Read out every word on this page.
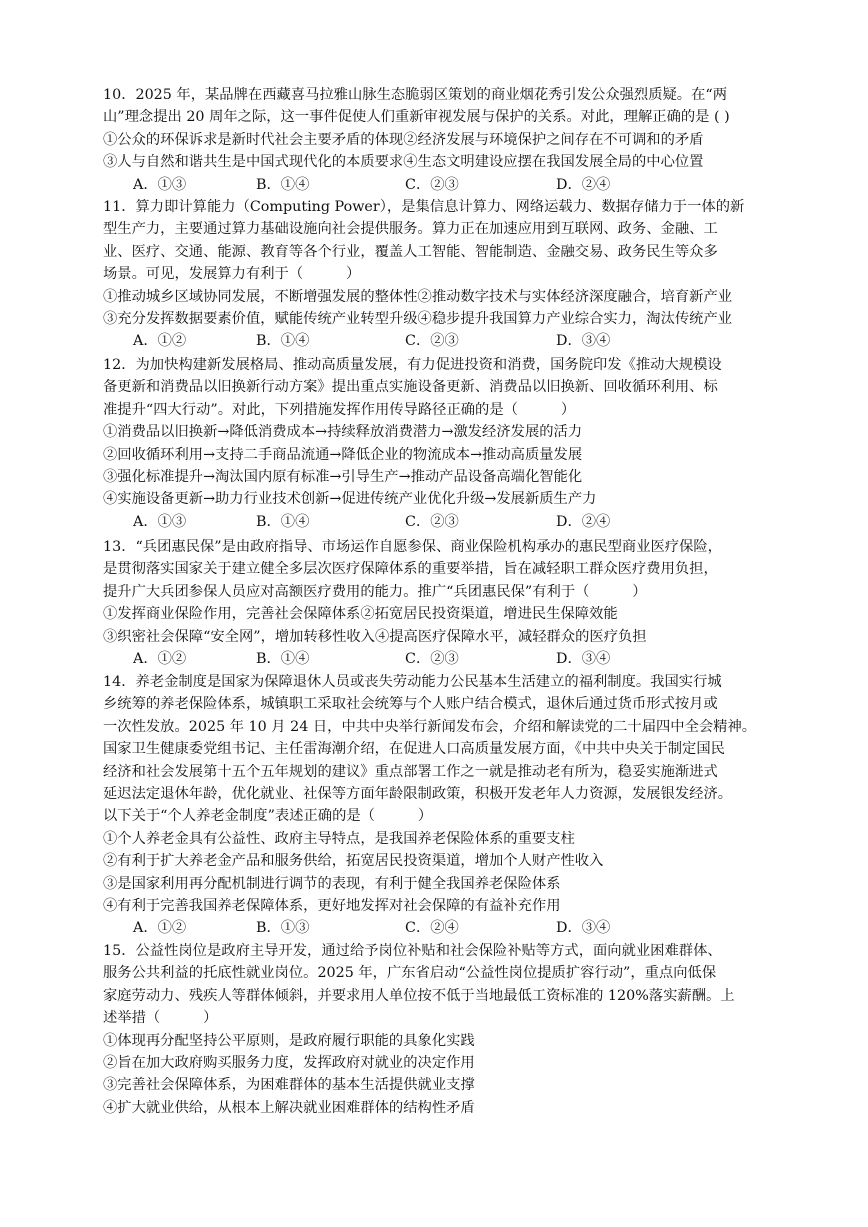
10．2025 年，某品牌在西藏喜马拉雅山脉生态脆弱区策划的商业烟花秀引发公众强烈质疑。在“两
山”理念提出 20 周年之际，这一事件促使人们重新审视发展与保护的关系。对此，理解正确的是 ( )
①公众的环保诉求是新时代社会主要矛盾的体现②经济发展与环境保护之间存在不可调和的矛盾
③人与自然和谐共生是中国式现代化的本质要求④生态文明建设应摆在我国发展全局的中心位置
A．①③	B．①④	C．②③	D．②④
11．算力即计算能力（Computing Power），是集信息计算力、网络运载力、数据存储力于一体的新
型生产力，主要通过算力基础设施向社会提供服务。算力正在加速应用到互联网、政务、金融、工
业、医疗、交通、能源、教育等各个行业，覆盖人工智能、智能制造、金融交易、政务民生等众多
场景。可见，发展算力有利于（　　　）
①推动城乡区域协同发展，不断增强发展的整体性②推动数字技术与实体经济深度融合，培育新产业
③充分发挥数据要素价值，赋能传统产业转型升级④稳步提升我国算力产业综合实力，淘汰传统产业
A．①②	B．①④	C．②③	D．③④
12．为加快构建新发展格局、推动高质量发展，有力促进投资和消费，国务院印发《推动大规模设
备更新和消费品以旧换新行动方案》提出重点实施设备更新、消费品以旧换新、回收循环利用、标
准提升“四大行动”。对此，下列措施发挥作用传导路径正确的是（　　　）
①消费品以旧换新→降低消费成本→持续释放消费潜力→激发经济发展的活力
②回收循环利用→支持二手商品流通→降低企业的物流成本→推动高质量发展
③强化标准提升→淘汰国内原有标准→引导生产→推动产品设备高端化智能化
④实施设备更新→助力行业技术创新→促进传统产业优化升级→发展新质生产力
A．①③	B．①④	C．②③	D．②④
13．“兵团惠民保”是由政府指导、市场运作自愿参保、商业保险机构承办的惠民型商业医疗保险，
是贯彻落实国家关于建立健全多层次医疗保障体系的重要举措，旨在减轻职工群众医疗费用负担，
提升广大兵团参保人员应对高额医疗费用的能力。推广“兵团惠民保”有利于（　　　）
①发挥商业保险作用，完善社会保障体系②拓宽居民投资渠道，增进民生保障效能
③织密社会保障“安全网”，增加转移性收入④提高医疗保障水平，减轻群众的医疗负担
A．①②	B．①④	C．②③	D．③④
14．养老金制度是国家为保障退休人员或丧失劳动能力公民基本生活建立的福利制度。我国实行城
乡统筹的养老保险体系，城镇职工采取社会统筹与个人账户结合模式，退休后通过货币形式按月或
一次性发放。2025 年 10 月 24 日，中共中央举行新闻发布会，介绍和解读党的二十届四中全会精神。
国家卫生健康委党组书记、主任雷海潮介绍，在促进人口高质量发展方面，《中共中央关于制定国民
经济和社会发展第十五个五年规划的建议》重点部署工作之一就是推动老有所为，稳妥实施渐进式
延迟法定退休年龄，优化就业、社保等方面年龄限制政策，积极开发老年人力资源，发展银发经济。
以下关于“个人养老金制度”表述正确的是（　　　）
①个人养老金具有公益性、政府主导特点，是我国养老保险体系的重要支柱
②有利于扩大养老金产品和服务供给，拓宽居民投资渠道，增加个人财产性收入
③是国家利用再分配机制进行调节的表现，有利于健全我国养老保险体系
④有利于完善我国养老保障体系，更好地发挥对社会保障的有益补充作用
A．①②	B．①③	C．②④	D．③④
15．公益性岗位是政府主导开发，通过给予岗位补贴和社会保险补贴等方式，面向就业困难群体、
服务公共利益的托底性就业岗位。2025 年，广东省启动“公益性岗位提质扩容行动”，重点向低保
家庭劳动力、残疾人等群体倾斜，并要求用人单位按不低于当地最低工资标准的 120%落实薪酬。上
述举措（　　　）
①体现再分配坚持公平原则，是政府履行职能的具象化实践
②旨在加大政府购买服务力度，发挥政府对就业的决定作用
③完善社会保障体系，为困难群体的基本生活提供就业支撑
④扩大就业供给，从根本上解决就业困难群体的结构性矛盾
